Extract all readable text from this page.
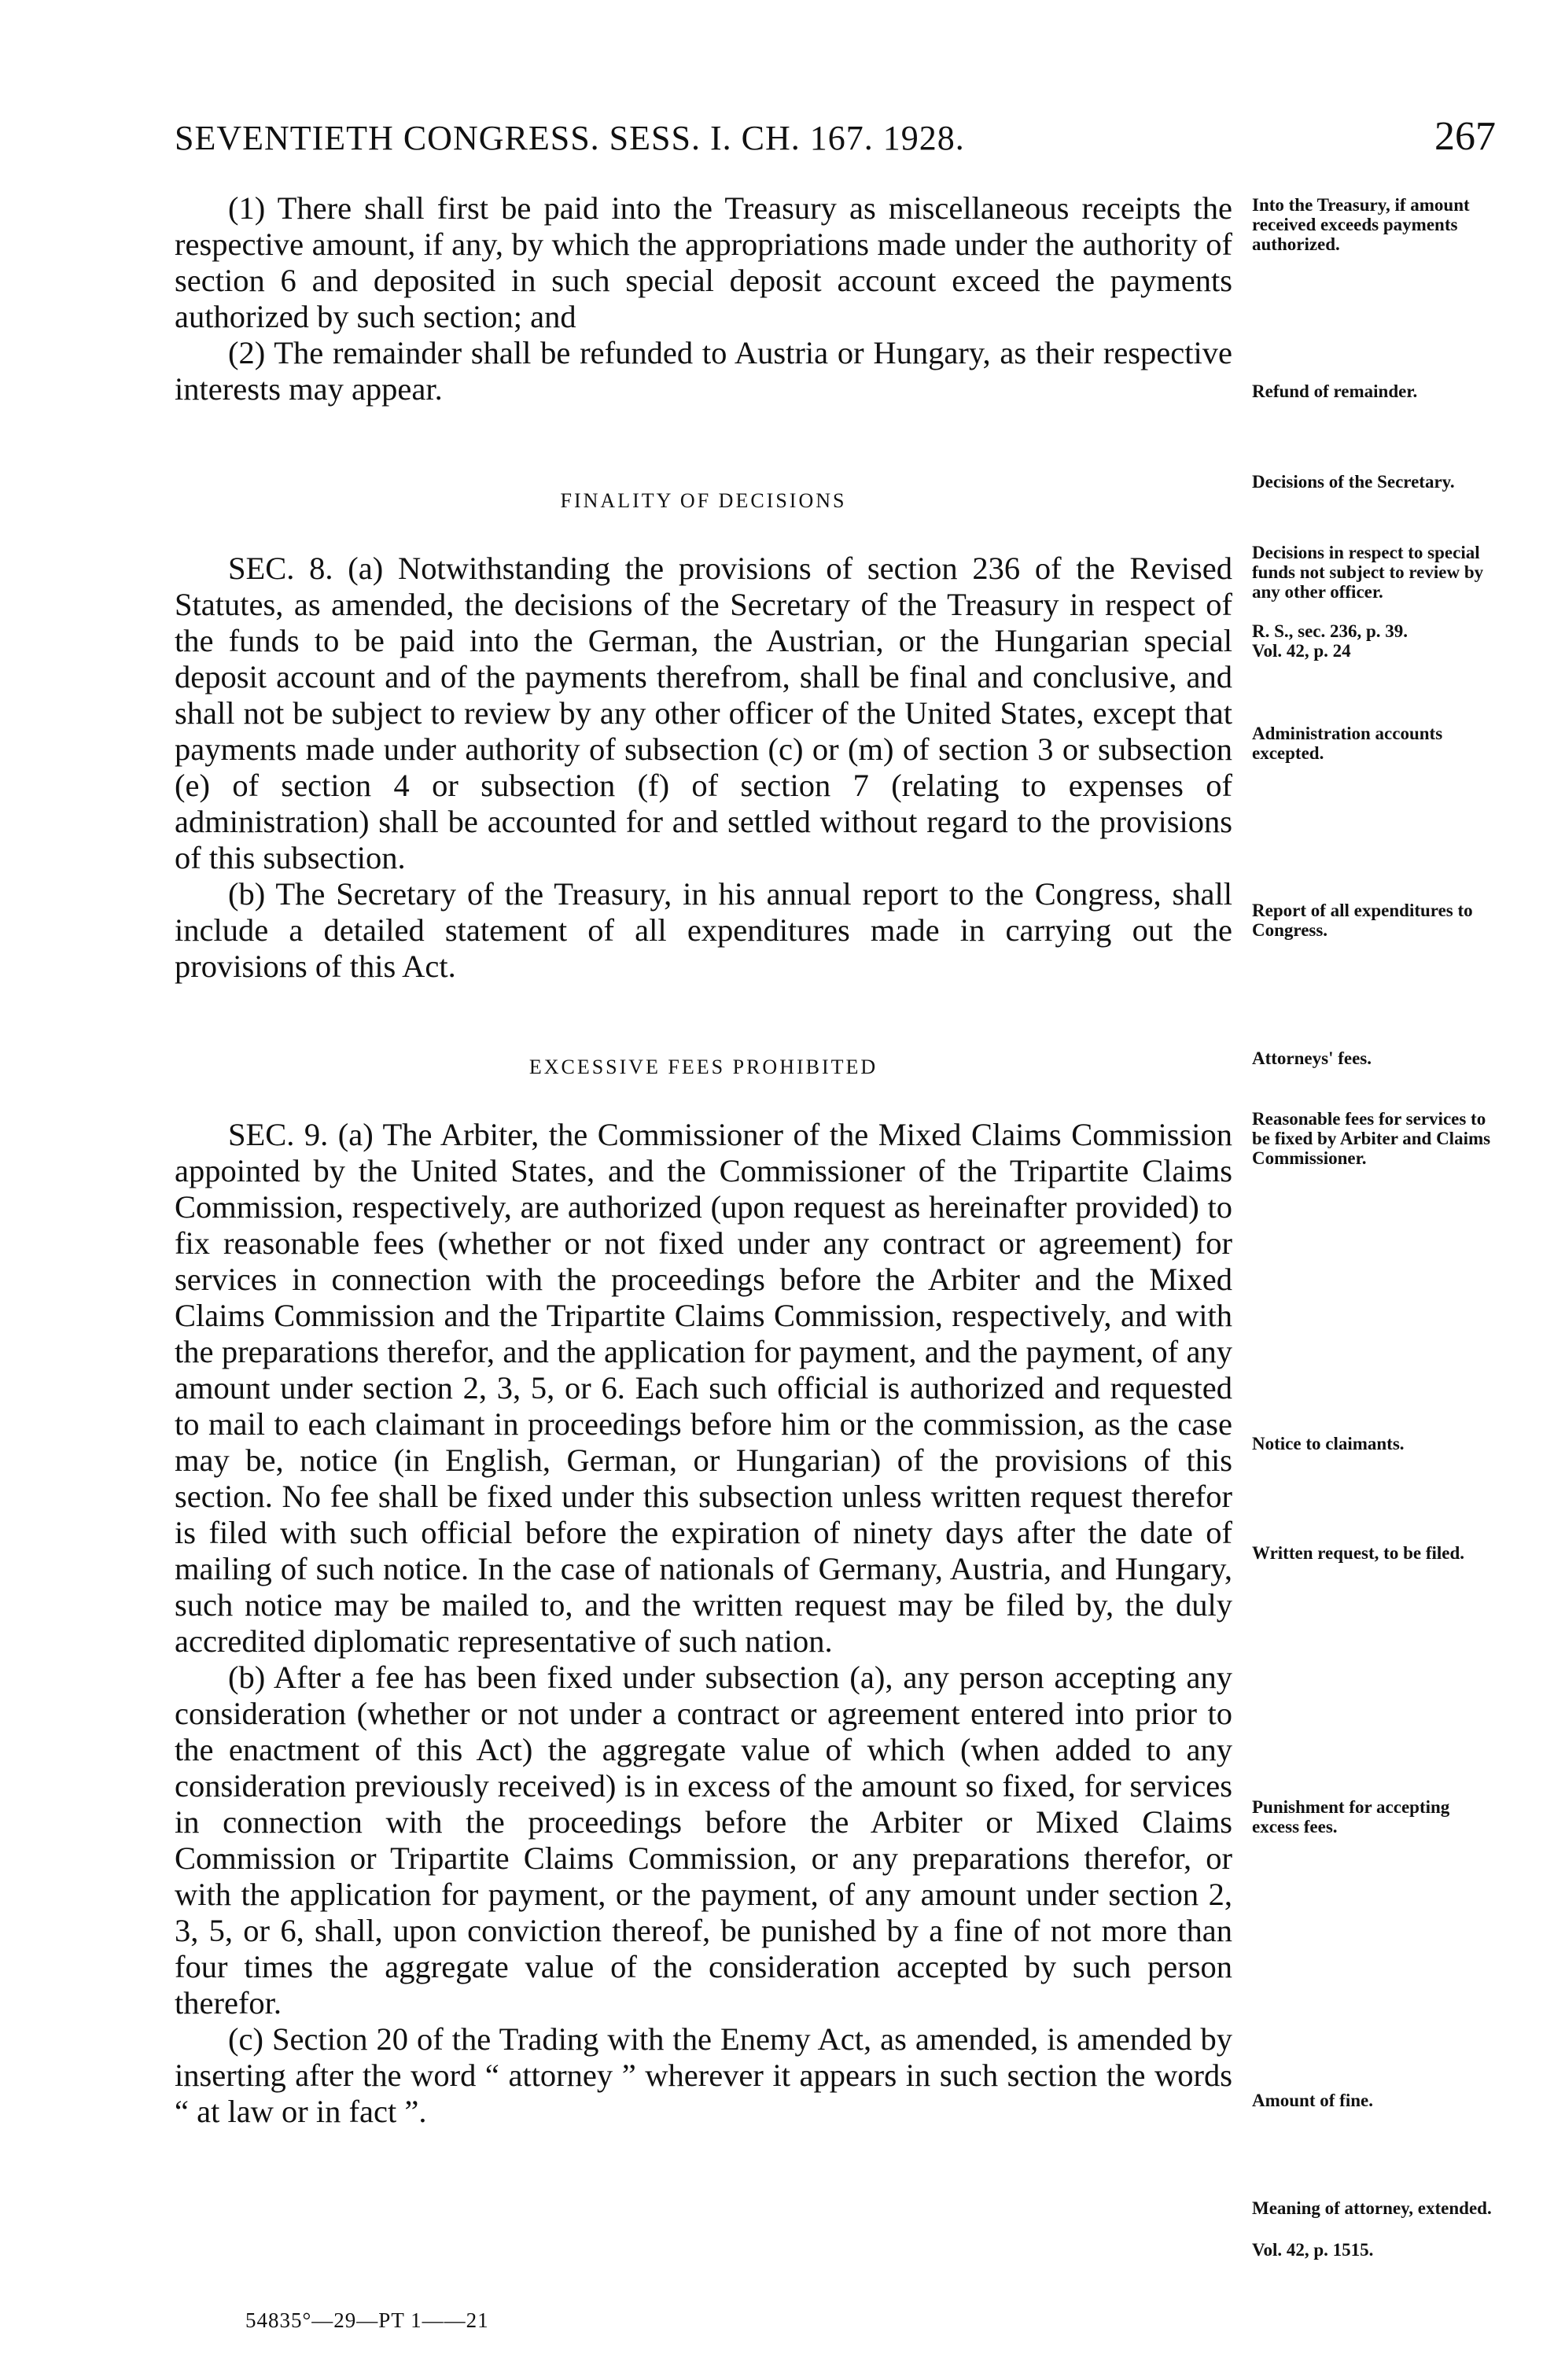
SEVENTIETH CONGRESS. SESS. I. CH. 167. 1928.	267

(1) There shall first be paid into the Treasury as miscellaneous receipts the respective amount, if any, by which the appropriations made under the authority of section 6 and deposited in such special deposit account exceed the payments authorized by such section; and

(2) The remainder shall be refunded to Austria or Hungary, as their respective interests may appear.

FINALITY OF DECISIONS

SEC. 8. (a) Notwithstanding the provisions of section 236 of the Revised Statutes, as amended, the decisions of the Secretary of the Treasury in respect of the funds to be paid into the German, the Austrian, or the Hungarian special deposit account and of the payments therefrom, shall be final and conclusive, and shall not be subject to review by any other officer of the United States, except that payments made under authority of subsection (c) or (m) of section 3 or subsection (e) of section 4 or subsection (f) of section 7 (relating to expenses of administration) shall be accounted for and settled without regard to the provisions of this subsection.

(b) The Secretary of the Treasury, in his annual report to the Congress, shall include a detailed statement of all expenditures made in carrying out the provisions of this Act.

EXCESSIVE FEES PROHIBITED

SEC. 9. (a) The Arbiter, the Commissioner of the Mixed Claims Commission appointed by the United States, and the Commissioner of the Tripartite Claims Commission, respectively, are authorized (upon request as hereinafter provided) to fix reasonable fees (whether or not fixed under any contract or agreement) for services in connection with the proceedings before the Arbiter and the Mixed Claims Commission and the Tripartite Claims Commission, respectively, and with the preparations therefor, and the application for payment, and the payment, of any amount under section 2, 3, 5, or 6. Each such official is authorized and requested to mail to each claimant in proceedings before him or the commission, as the case may be, notice (in English, German, or Hungarian) of the provisions of this section. No fee shall be fixed under this subsection unless written request therefor is filed with such official before the expiration of ninety days after the date of mailing of such notice. In the case of nationals of Germany, Austria, and Hungary, such notice may be mailed to, and the written request may be filed by, the duly accredited diplomatic representative of such nation.

(b) After a fee has been fixed under subsection (a), any person accepting any consideration (whether or not under a contract or agreement entered into prior to the enactment of this Act) the aggregate value of which (when added to any consideration previously received) is in excess of the amount so fixed, for services in connection with the proceedings before the Arbiter or Mixed Claims Commission or Tripartite Claims Commission, or any preparations therefor, or with the application for payment, or the payment, of any amount under section 2, 3, 5, or 6, shall, upon conviction thereof, be punished by a fine of not more than four times the aggregate value of the consideration accepted by such person therefor.

(c) Section 20 of the Trading with the Enemy Act, as amended, is amended by inserting after the word “ attorney ” wherever it appears in such section the words “ at law or in fact ”.

Into the Treasury, if amount received exceeds payments authorized.
Refund of remainder.
Decisions of the Secretary.
Decisions in respect to special funds not subject to review by any other officer.
R. S., sec. 236, p. 39.
Vol. 42, p. 24
Administration accounts excepted.
Report of all expenditures to Congress.
Attorneys' fees.
Reasonable fees for services to be fixed by Arbiter and Claims Commissioner.
Notice to claimants.
Written request, to be filed.
Punishment for accepting excess fees.
Amount of fine.
Meaning of attorney, extended.
Vol. 42, p. 1515.
54835°—29—PT 1——21
